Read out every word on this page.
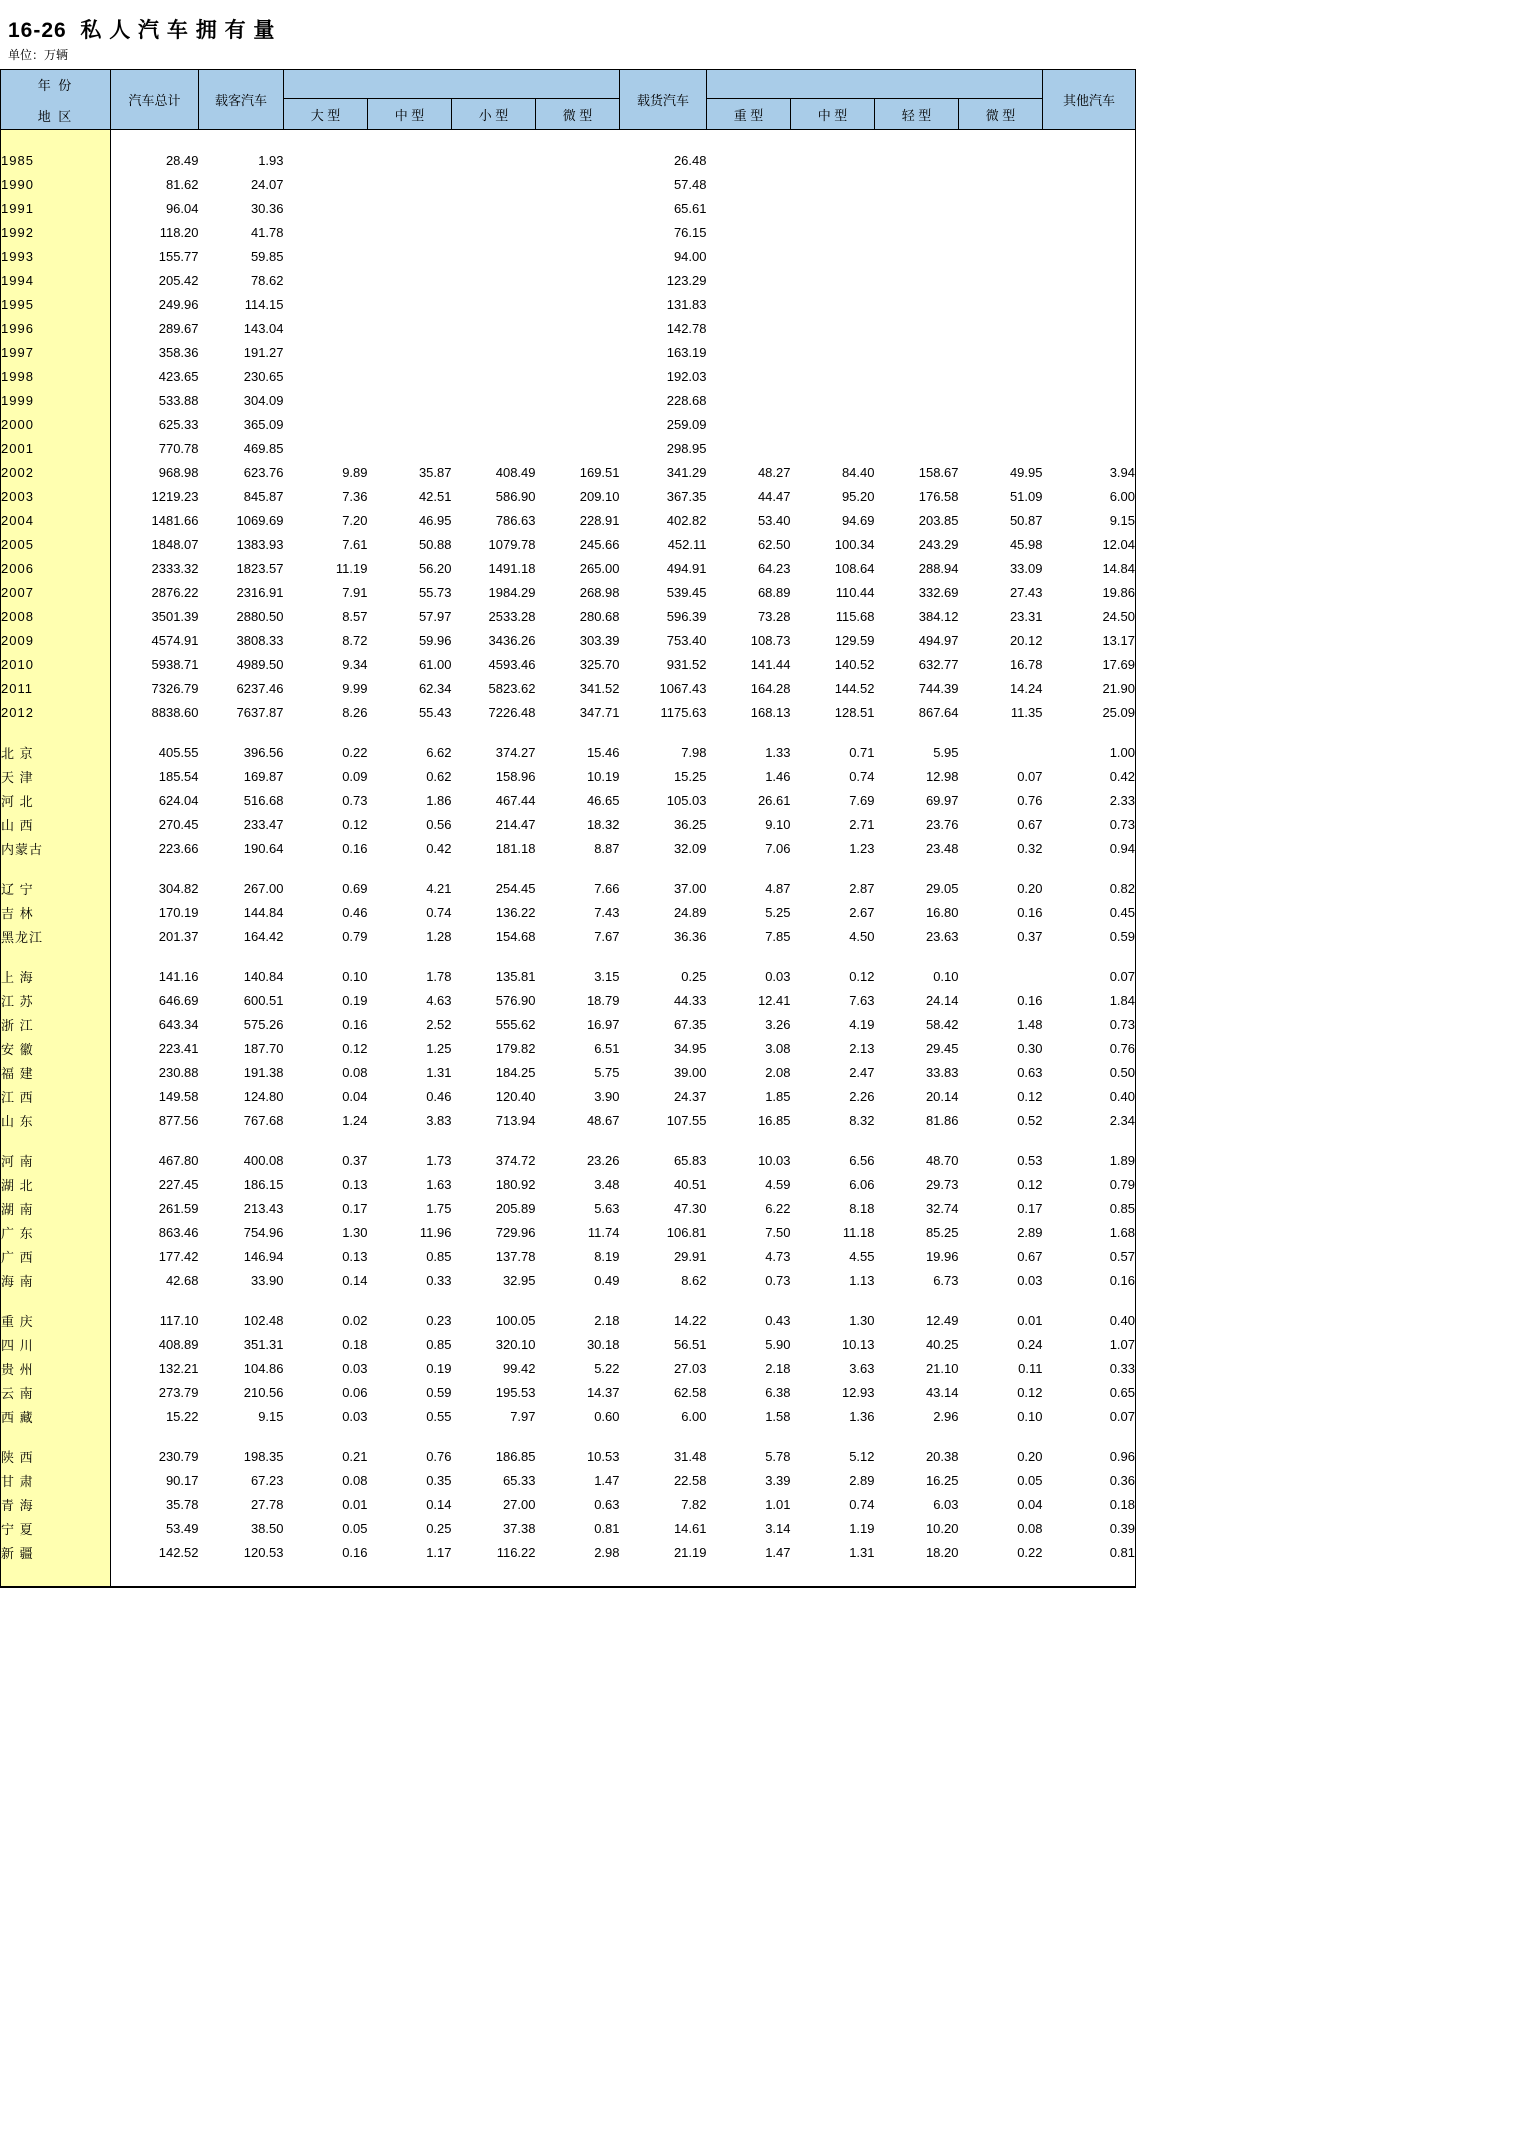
16-26 私 人 汽 车 拥 有 量
单位：万辆
年 份
地 区	汽车总计	载客汽车					载货汽车					其他汽车
			大 型	中 型	小 型	微 型		重 型	中 型	轻 型	微 型	

1985	28.49	1.93					26.48					
1990	81.62	24.07					57.48					
1991	96.04	30.36					65.61					
1992	118.20	41.78					76.15					
1993	155.77	59.85					94.00					
1994	205.42	78.62					123.29					
1995	249.96	114.15					131.83					
1996	289.67	143.04					142.78					
1997	358.36	191.27					163.19					
1998	423.65	230.65					192.03					
1999	533.88	304.09					228.68					
2000	625.33	365.09					259.09					
2001	770.78	469.85					298.95					
2002	968.98	623.76	9.89	35.87	408.49	169.51	341.29	48.27	84.40	158.67	49.95	3.94
2003	1219.23	845.87	7.36	42.51	586.90	209.10	367.35	44.47	95.20	176.58	51.09	6.00
2004	1481.66	1069.69	7.20	46.95	786.63	228.91	402.82	53.40	94.69	203.85	50.87	9.15
2005	1848.07	1383.93	7.61	50.88	1079.78	245.66	452.11	62.50	100.34	243.29	45.98	12.04
2006	2333.32	1823.57	11.19	56.20	1491.18	265.00	494.91	64.23	108.64	288.94	33.09	14.84
2007	2876.22	2316.91	7.91	55.73	1984.29	268.98	539.45	68.89	110.44	332.69	27.43	19.86
2008	3501.39	2880.50	8.57	57.97	2533.28	280.68	596.39	73.28	115.68	384.12	23.31	24.50
2009	4574.91	3808.33	8.72	59.96	3436.26	303.39	753.40	108.73	129.59	494.97	20.12	13.17
2010	5938.71	4989.50	9.34	61.00	4593.46	325.70	931.52	141.44	140.52	632.77	16.78	17.69
2011	7326.79	6237.46	9.99	62.34	5823.62	341.52	1067.43	164.28	144.52	744.39	14.24	21.90
2012	8838.60	7637.87	8.26	55.43	7226.48	347.71	1175.63	168.13	128.51	867.64	11.35	25.09

北 京	405.55	396.56	0.22	6.62	374.27	15.46	7.98	1.33	0.71	5.95		1.00
天 津	185.54	169.87	0.09	0.62	158.96	10.19	15.25	1.46	0.74	12.98	0.07	0.42
河 北	624.04	516.68	0.73	1.86	467.44	46.65	105.03	26.61	7.69	69.97	0.76	2.33
山 西	270.45	233.47	0.12	0.56	214.47	18.32	36.25	9.10	2.71	23.76	0.67	0.73
内蒙古	223.66	190.64	0.16	0.42	181.18	8.87	32.09	7.06	1.23	23.48	0.32	0.94

辽 宁	304.82	267.00	0.69	4.21	254.45	7.66	37.00	4.87	2.87	29.05	0.20	0.82
吉 林	170.19	144.84	0.46	0.74	136.22	7.43	24.89	5.25	2.67	16.80	0.16	0.45
黑龙江	201.37	164.42	0.79	1.28	154.68	7.67	36.36	7.85	4.50	23.63	0.37	0.59

上 海	141.16	140.84	0.10	1.78	135.81	3.15	0.25	0.03	0.12	0.10		0.07
江 苏	646.69	600.51	0.19	4.63	576.90	18.79	44.33	12.41	7.63	24.14	0.16	1.84
浙 江	643.34	575.26	0.16	2.52	555.62	16.97	67.35	3.26	4.19	58.42	1.48	0.73
安 徽	223.41	187.70	0.12	1.25	179.82	6.51	34.95	3.08	2.13	29.45	0.30	0.76
福 建	230.88	191.38	0.08	1.31	184.25	5.75	39.00	2.08	2.47	33.83	0.63	0.50
江 西	149.58	124.80	0.04	0.46	120.40	3.90	24.37	1.85	2.26	20.14	0.12	0.40
山 东	877.56	767.68	1.24	3.83	713.94	48.67	107.55	16.85	8.32	81.86	0.52	2.34

河 南	467.80	400.08	0.37	1.73	374.72	23.26	65.83	10.03	6.56	48.70	0.53	1.89
湖 北	227.45	186.15	0.13	1.63	180.92	3.48	40.51	4.59	6.06	29.73	0.12	0.79
湖 南	261.59	213.43	0.17	1.75	205.89	5.63	47.30	6.22	8.18	32.74	0.17	0.85
广 东	863.46	754.96	1.30	11.96	729.96	11.74	106.81	7.50	11.18	85.25	2.89	1.68
广 西	177.42	146.94	0.13	0.85	137.78	8.19	29.91	4.73	4.55	19.96	0.67	0.57
海 南	42.68	33.90	0.14	0.33	32.95	0.49	8.62	0.73	1.13	6.73	0.03	0.16

重 庆	117.10	102.48	0.02	0.23	100.05	2.18	14.22	0.43	1.30	12.49	0.01	0.40
四 川	408.89	351.31	0.18	0.85	320.10	30.18	56.51	5.90	10.13	40.25	0.24	1.07
贵 州	132.21	104.86	0.03	0.19	99.42	5.22	27.03	2.18	3.63	21.10	0.11	0.33
云 南	273.79	210.56	0.06	0.59	195.53	14.37	62.58	6.38	12.93	43.14	0.12	0.65
西 藏	15.22	9.15	0.03	0.55	7.97	0.60	6.00	1.58	1.36	2.96	0.10	0.07

陕 西	230.79	198.35	0.21	0.76	186.85	10.53	31.48	5.78	5.12	20.38	0.20	0.96
甘 肃	90.17	67.23	0.08	0.35	65.33	1.47	22.58	3.39	2.89	16.25	0.05	0.36
青 海	35.78	27.78	0.01	0.14	27.00	0.63	7.82	1.01	0.74	6.03	0.04	0.18
宁 夏	53.49	38.50	0.05	0.25	37.38	0.81	14.61	3.14	1.19	10.20	0.08	0.39
新 疆	142.52	120.53	0.16	1.17	116.22	2.98	21.19	1.47	1.31	18.20	0.22	0.81
